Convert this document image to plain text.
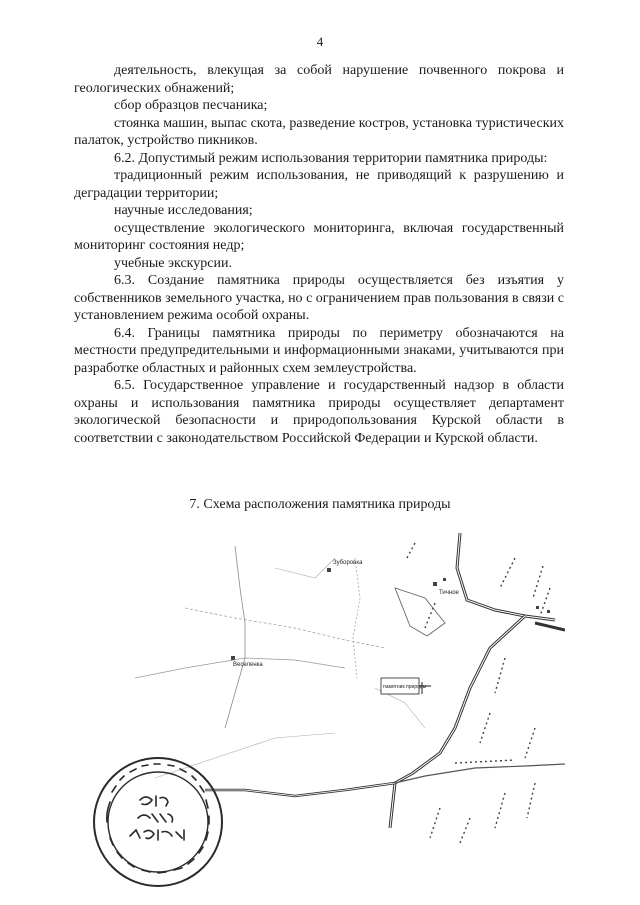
4

деятельность, влекущая за собой нарушение почвенного покрова и геологических обнажений;

сбор образцов песчаника;

стоянка машин, выпас скота, разведение костров, установка туристических палаток, устройство пикников.

6.2. Допустимый режим использования территории памятника природы:

традиционный режим использования, не приводящий к разрушению и деградации территории;

научные исследования;

осуществление экологического мониторинга, включая государственный мониторинг состояния недр;

учебные экскурсии.

6.3. Создание памятника природы осуществляется без изъятия у собственников земельного участка, но с ограничением прав пользования в связи с установлением режима особой охраны.

6.4. Границы памятника природы по периметру обозначаются на местности предупредительными и информационными знаками, учитываются при разработке областных и районных схем землеустройства.

6.5. Государственное управление и государственный надзор в области охраны и использования памятника природы осуществляет департамент экологической безопасности и природопользования Курской области в соответствии с законодательством Российской Федерации и Курской области.

7. Схема расположения памятника природы
Зуборовка
Тичное
Веселенка
памятник природы
